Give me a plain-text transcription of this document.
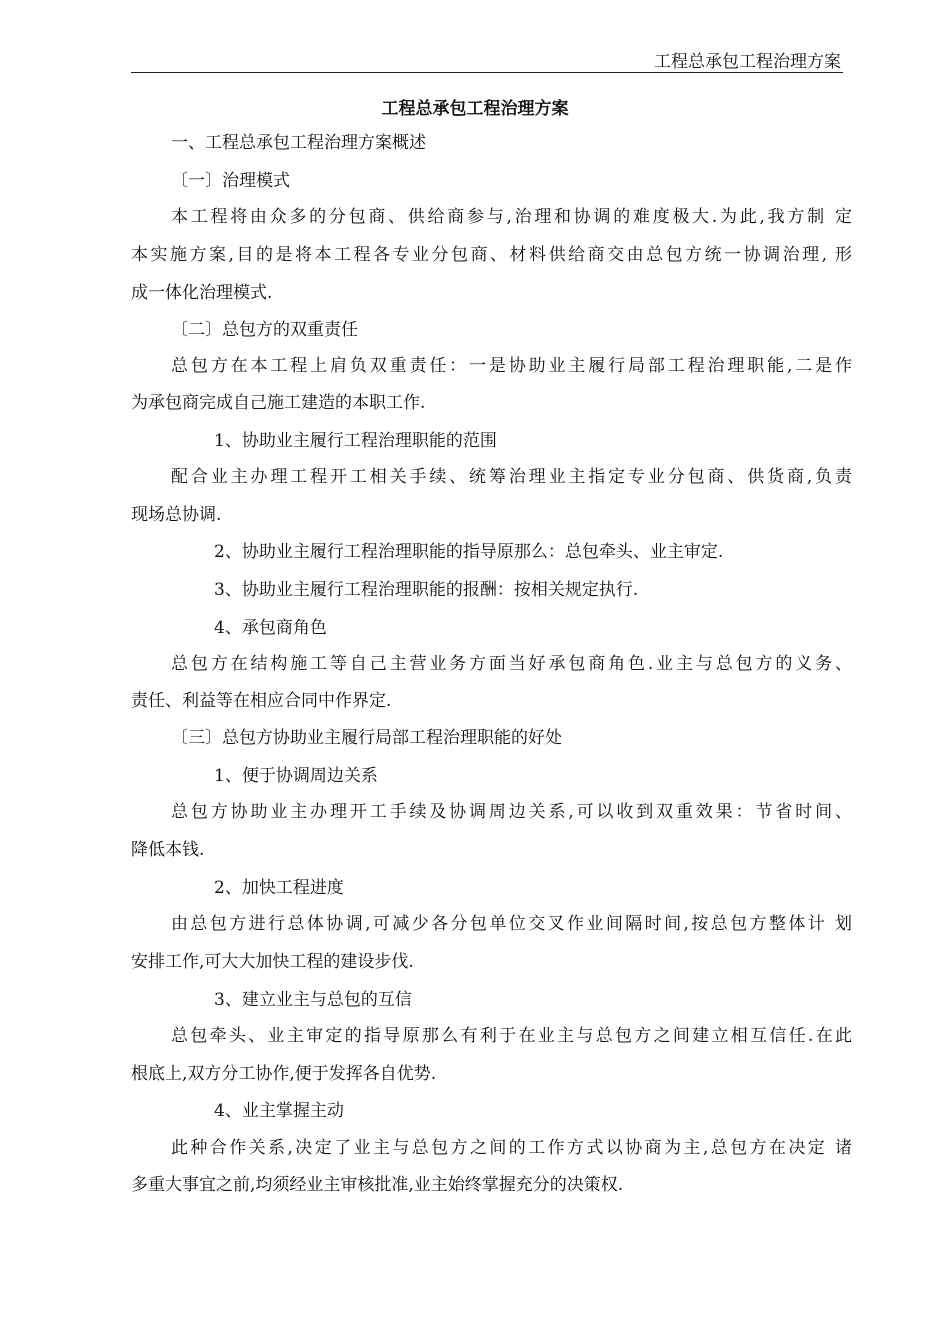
工程总承包工程治理方案
工程总承包工程治理方案
一、工程总承包工程治理方案概述
〔一〕治理模式
本工程将由众多的分包商、供给商参与,治理和协调的难度极大.为此,我方制 定
本实施方案,目的是将本工程各专业分包商、材料供给商交由总包方统一协调治理, 形
成一体化治理模式.
〔二〕总包方的双重责任
总包方在本工程上肩负双重责任：一是协助业主履行局部工程治理职能,二是作
为承包商完成自己施工建造的本职工作.
1、协助业主履行工程治理职能的范围
配合业主办理工程开工相关手续、统筹治理业主指定专业分包商、供货商,负责
现场总协调.
2、协助业主履行工程治理职能的指导原那么：总包牵头、业主审定.
3、协助业主履行工程治理职能的报酬：按相关规定执行.
4、承包商角色
总包方在结构施工等自己主营业务方面当好承包商角色.业主与总包方的义务、
责任、利益等在相应合同中作界定.
〔三〕总包方协助业主履行局部工程治理职能的好处
1、便于协调周边关系
总包方协助业主办理开工手续及协调周边关系,可以收到双重效果：节省时间、
降低本钱.
2、加快工程进度
由总包方进行总体协调,可减少各分包单位交叉作业间隔时间,按总包方整体计 划
安排工作,可大大加快工程的建设步伐.
3、建立业主与总包的互信
总包牵头、业主审定的指导原那么有利于在业主与总包方之间建立相互信任.在此
根底上,双方分工协作,便于发挥各自优势.
4、业主掌握主动
此种合作关系,决定了业主与总包方之间的工作方式以协商为主,总包方在决定 诸
多重大事宜之前,均须经业主审核批准,业主始终掌握充分的决策权.
